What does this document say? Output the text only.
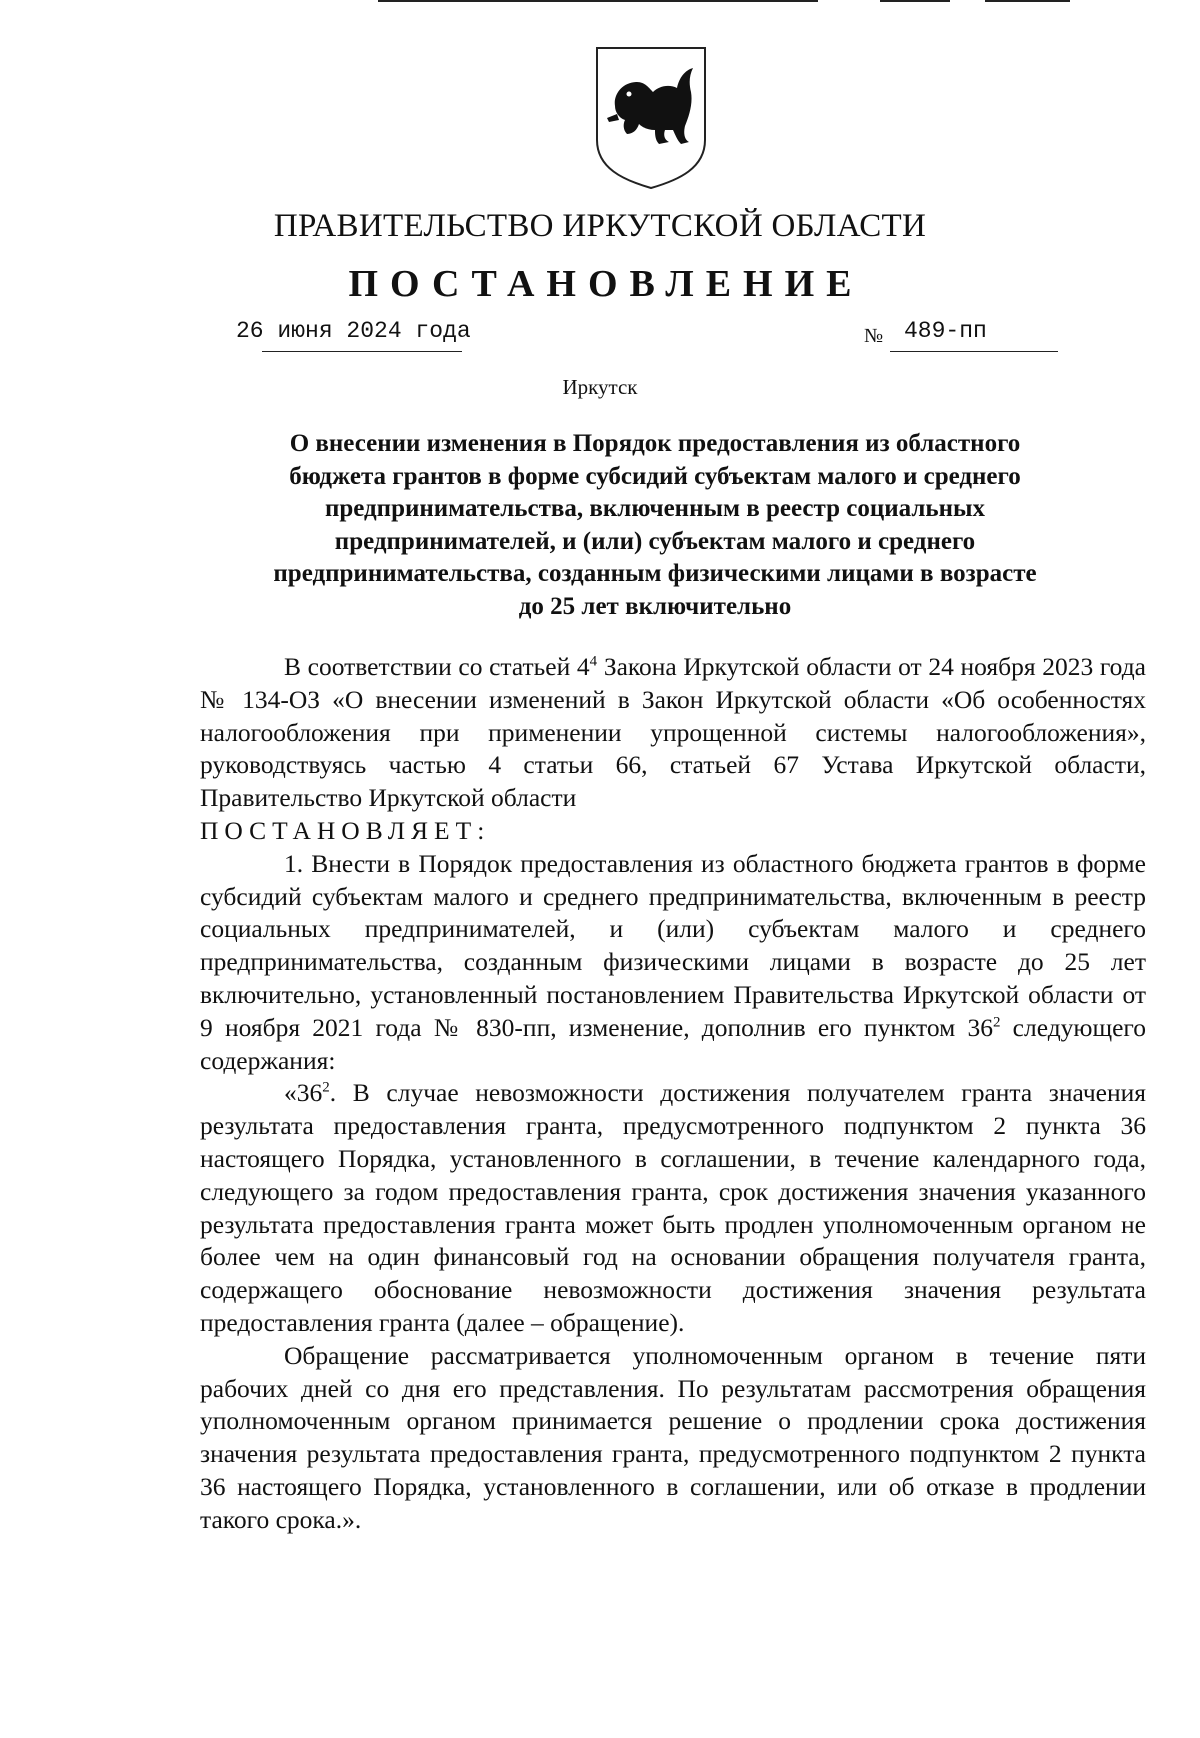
ПРАВИТЕЛЬСТВО ИРКУТСКОЙ ОБЛАСТИ
ПОСТАНОВЛЕНИЕ
26 июня 2024 года	№ 489-пп
Иркутск
О внесении изменения в Порядок предоставления из областного
бюджета грантов в форме субсидий субъектам малого и среднего
предпринимательства, включенным в реестр социальных
предпринимателей, и (или) субъектам малого и среднего
предпринимательства, созданным физическими лицами в возрасте
до 25 лет включительно

В соответствии со статьей $4^4$ Закона Иркутской области от 24 ноября 2023 года № 134-ОЗ «О внесении изменений в Закон Иркутской области «Об особенностях налогообложения при применении упрощенной системы налогообложения», руководствуясь частью 4 статьи 66, статьей 67 Устава Иркутской области, Правительство Иркутской области

ПОСТАНОВЛЯЕТ:

1. Внести в Порядок предоставления из областного бюджета грантов в форме субсидий субъектам малого и среднего предпринимательства, включенным в реестр социальных предпринимателей, и (или) субъектам малого и среднего предпринимательства, созданным физическими лицами в возрасте до 25 лет включительно, установленный постановлением Правительства Иркутской области от 9 ноября 2021 года № 830-пп, изменение, дополнив его пунктом $36^2$ следующего содержания:

«$36^2$. В случае невозможности достижения получателем гранта значения результата предоставления гранта, предусмотренного подпунктом 2 пункта 36 настоящего Порядка, установленного в соглашении, в течение календарного года, следующего за годом предоставления гранта, срок достижения значения указанного результата предоставления гранта может быть продлен уполномоченным органом не более чем на один финансовый год на основании обращения получателя гранта, содержащего обоснование невозможности достижения значения результата предоставления гранта (далее – обращение).

Обращение рассматривается уполномоченным органом в течение пяти рабочих дней со дня его представления. По результатам рассмотрения обращения уполномоченным органом принимается решение о продлении срока достижения значения результата предоставления гранта, предусмотренного подпунктом 2 пункта 36 настоящего Порядка, установленного в соглашении, или об отказе в продлении такого срока.».
